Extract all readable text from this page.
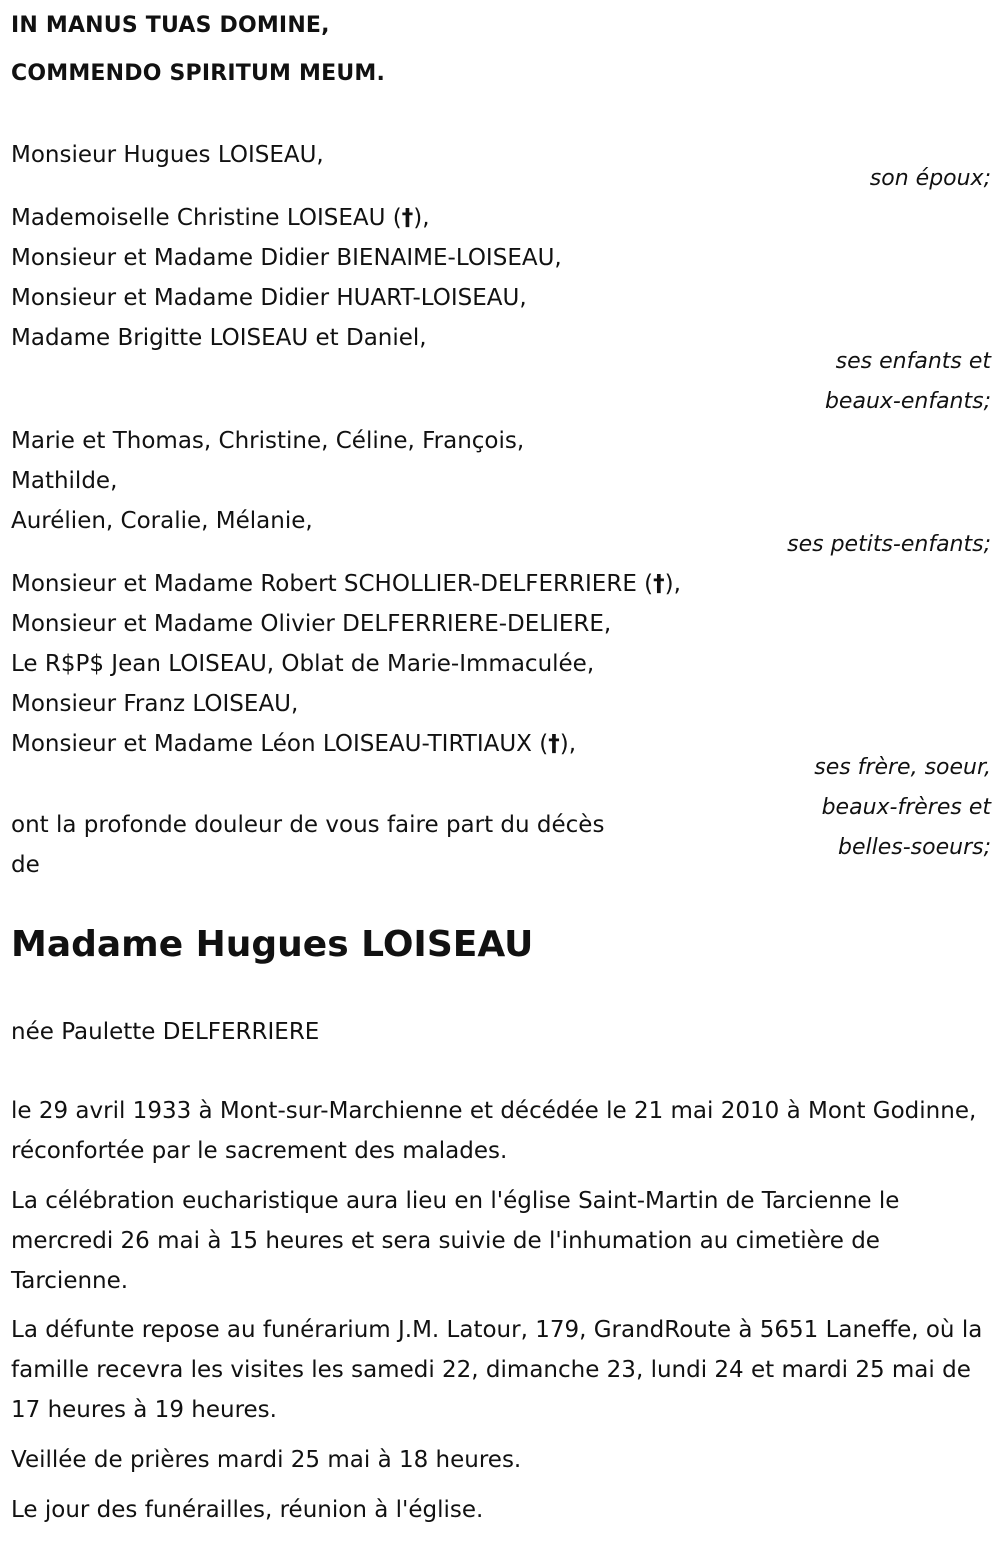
IN MANUS TUAS DOMINE,
COMMENDO SPIRITUM MEUM.
Monsieur Hugues LOISEAU,
son époux;
Mademoiselle Christine LOISEAU (†),
Monsieur et Madame Didier BIENAIME-LOISEAU,
Monsieur et Madame Didier HUART-LOISEAU,
Madame Brigitte LOISEAU et Daniel,
ses enfants et
beaux-enfants;
Marie et Thomas, Christine, Céline, François,
Mathilde,
Aurélien, Coralie, Mélanie,
ses petits-enfants;
Monsieur et Madame Robert SCHOLLIER-DELFERRIERE (†),
Monsieur et Madame Olivier DELFERRIERE-DELIERE,
Le R$P$ Jean LOISEAU, Oblat de Marie-Immaculée,
Monsieur Franz LOISEAU,
Monsieur et Madame Léon LOISEAU-TIRTIAUX (†),
ses frère, soeur,
beaux-frères et
belles-soeurs;
ont la profonde douleur de vous faire part du décès
de
Madame Hugues LOISEAU
née Paulette DELFERRIERE
le 29 avril 1933 à Mont-sur-Marchienne et décédée le 21 mai 2010 à Mont Godinne, réconfortée par le sacrement des malades.
La célébration eucharistique aura lieu en l'église Saint-Martin de Tarcienne le mercredi 26 mai à 15 heures et sera suivie de l'inhumation au cimetière de Tarcienne.
La défunte repose au funérarium J.M. Latour, 179, GrandRoute à 5651 Laneffe, où la famille recevra les visites les samedi 22, dimanche 23, lundi 24 et mardi 25 mai de 17 heures à 19 heures.
Veillée de prières mardi 25 mai à 18 heures.
Le jour des funérailles, réunion à l'église.
